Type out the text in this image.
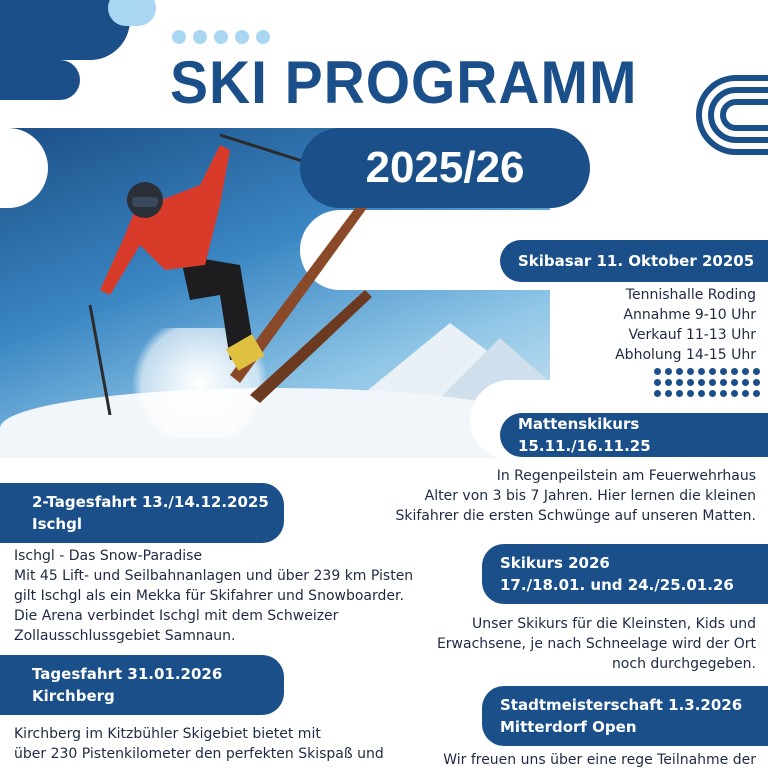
SKI PROGRAMM
2025/26
Skibasar 11. Oktober 20205
Tennishalle Roding
Annahme 9-10 Uhr
Verkauf 11-13 Uhr
Abholung 14-15 Uhr
Mattenskikurs 15.11./16.11.25
In Regenpeilstein am Feuerwehrhaus
Alter von 3 bis 7 Jahren. Hier lernen die kleinen
Skifahrer die ersten Schwünge auf unseren Matten.
2-Tagesfahrt 13./14.12.2025
Ischgl
Ischgl - Das Snow-Paradise
Mit 45 Lift- und Seilbahnanlagen und über 239 km Pisten
gilt Ischgl als ein Mekka für Skifahrer und Snowboarder.
Die Arena verbindet Ischgl mit dem Schweizer
Zollausschlussgebiet Samnaun.
Skikurs 2026
17./18.01. und 24./25.01.26
Unser Skikurs für die Kleinsten, Kids und
Erwachsene, je nach Schneelage wird der Ort
noch durchgegeben.
Tagesfahrt 31.01.2026
Kirchberg
Kirchberg im Kitzbühler Skigebiet bietet mit
über 230 Pistenkilometer den perfekten Skispaß und
Stadtmeisterschaft 1.3.2026
Mitterdorf Open
Wir freuen uns über eine rege Teilnahme der
